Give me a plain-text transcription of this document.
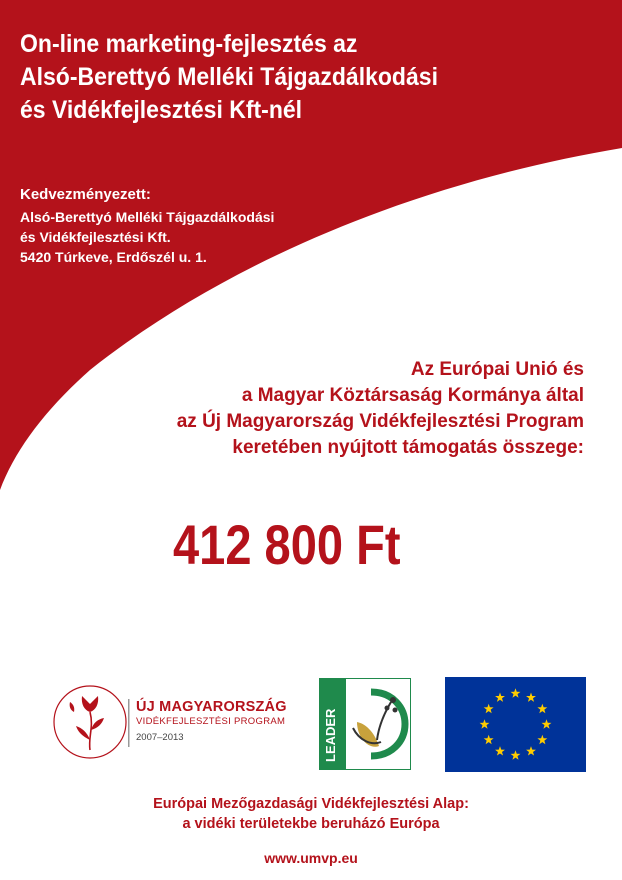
On-line marketing-fejlesztés az
Alsó-Berettyó Melléki Tájgazdálkodási
és Vidékfejlesztési Kft-nél
Kedvezményezett:
Alsó-Berettyó Melléki Tájgazdálkodási
és Vidékfejlesztési Kft.
5420 Túrkeve, Erdőszél u. 1.
Az Európai Unió és
a Magyar Köztársaság Kormánya által
az Új Magyarország Vidékfejlesztési Program
keretében nyújtott támogatás összege:
412 800 Ft
ÚJ MAGYARORSZÁG
VIDÉKFEJLESZTÉSI PROGRAM
2007–2013	LEADER
Európai Mezőgazdasági Vidékfejlesztési Alap:
a vidéki területekbe beruházó Európa
www.umvp.eu
